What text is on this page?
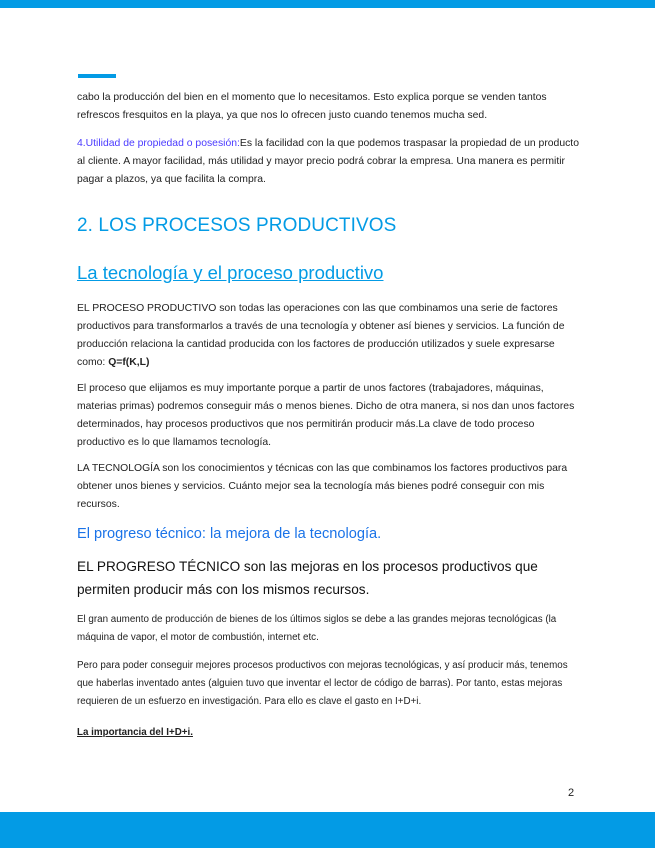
cabo la producción del bien en el momento que lo necesitamos. Esto explica porque se venden tantos refrescos fresquitos en la playa, ya que nos lo ofrecen justo cuando tenemos mucha sed.

4.Utilidad de propiedad o posesión:Es la facilidad con la que podemos traspasar la propiedad de un producto al cliente. A mayor facilidad, más utilidad y mayor precio podrá cobrar la empresa. Una manera es permitir pagar a plazos, ya que facilita la compra.

2. LOS PROCESOS PRODUCTIVOS
La tecnología y el proceso productivo

EL PROCESO PRODUCTIVO son todas las operaciones con las que combinamos una serie de factores productivos para transformarlos a través de una tecnología y obtener así bienes y servicios. La función de producción relaciona la cantidad producida con los factores de producción utilizados y suele expresarse como: Q=f(K,L)

El proceso que elijamos es muy importante porque a partir de unos factores (trabajadores, máquinas, materias primas) podremos conseguir más o menos bienes. Dicho de otra manera, si nos dan unos factores determinados, hay procesos productivos que nos permitirán producir más.La clave de todo proceso productivo es lo que llamamos tecnología.

LA TECNOLOGÍA son los conocimientos y técnicas con las que combinamos los factores productivos para obtener unos bienes y servicios. Cuánto mejor sea la tecnología más bienes podré conseguir con mis recursos.

El progreso técnico: la mejora de la tecnología.

EL PROGRESO TÉCNICO son las mejoras en los procesos productivos que permiten producir más con los mismos recursos.

El gran aumento de producción de bienes de los últimos siglos se debe a las grandes mejoras tecnológicas (la máquina de vapor, el motor de combustión, internet etc.

Pero para poder conseguir mejores procesos productivos con mejoras tecnológicas, y así producir más, tenemos que haberlas inventado antes (alguien tuvo que inventar el lector de código de barras). Por tanto, estas mejoras requieren de un esfuerzo en investigación. Para ello es clave el gasto en I+D+i.

La importancia del I+D+i.

2
